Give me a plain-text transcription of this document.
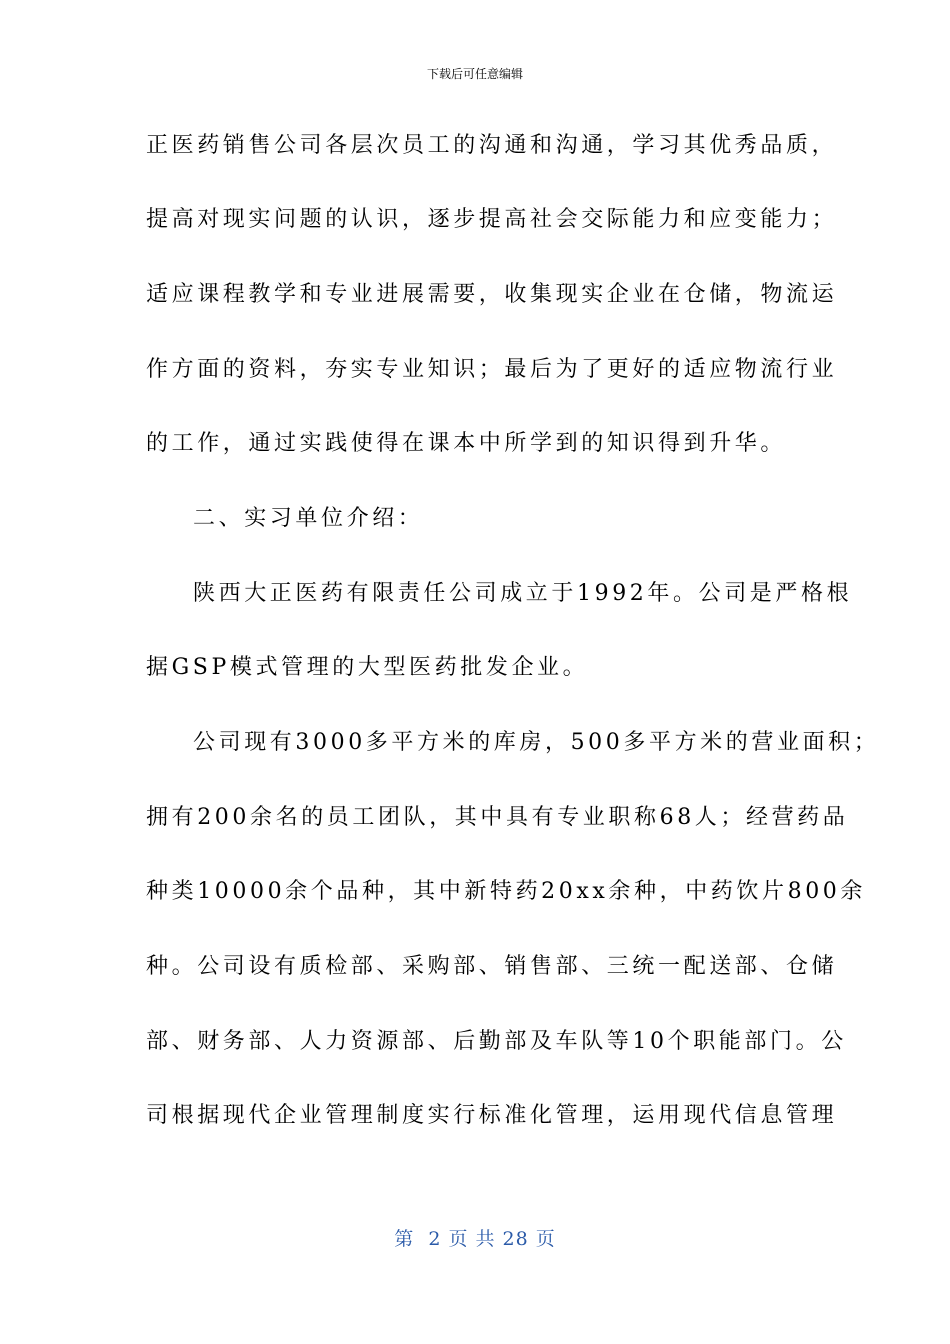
下载后可任意编辑
正医药销售公司各层次员工的沟通和沟通，学习其优秀品质，
提高对现实问题的认识，逐步提高社会交际能力和应变能力；
适应课程教学和专业进展需要，收集现实企业在仓储，物流运
作方面的资料，夯实专业知识；最后为了更好的适应物流行业
的工作，通过实践使得在课本中所学到的知识得到升华。
二、实习单位介绍：
陕西大正医药有限责任公司成立于1992年。公司是严格根
据GSP模式管理的大型医药批发企业。
公司现有3000多平方米的库房，500多平方米的营业面积；
拥有200余名的员工团队，其中具有专业职称68人；经营药品
种类10000余个品种，其中新特药20xx余种，中药饮片800余
种。公司设有质检部、采购部、销售部、三统一配送部、仓储
部、财务部、人力资源部、后勤部及车队等10个职能部门。公
司根据现代企业管理制度实行标准化管理，运用现代信息管理
第  2 页 共 28 页
